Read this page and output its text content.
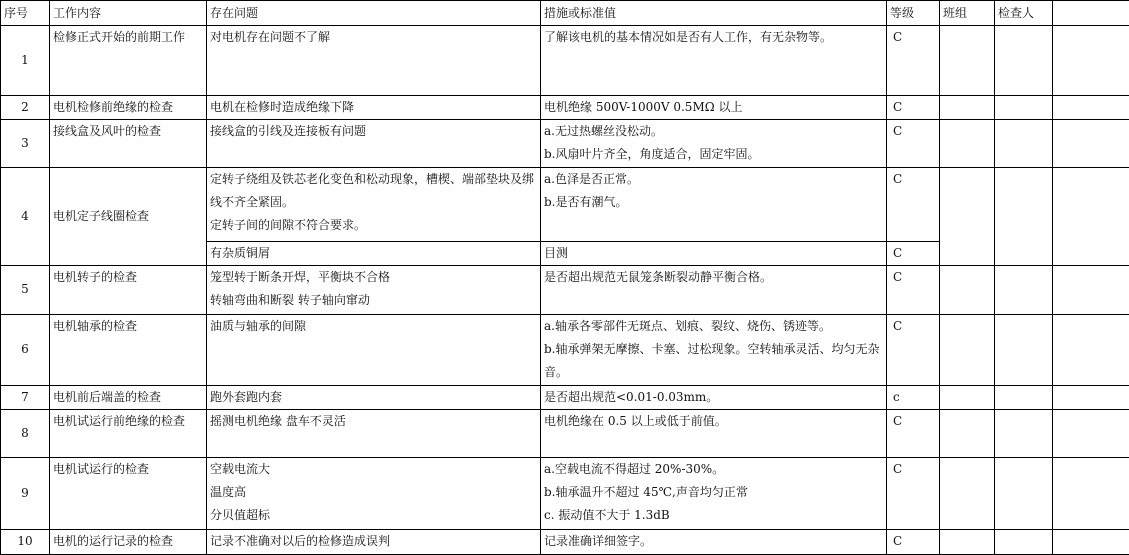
序号	工作内容	存在问题	措施或标准值	等级	班组	检查人	
1	检修正式开始的前期工作	对电机存在问题不了解	了解该电机的基本情况如是否有人工作，有无杂物等。	C			
2	电机检修前绝缘的检查	电机在检修时造成绝缘下降	电机绝缘 500V-1000V 0.5MΩ 以上	C			
3	接线盒及风叶的检查	接线盒的引线及连接板有问题	a.无过热螺丝没松动。
b.风扇叶片齐全，角度适合，固定牢固。	C			
4	电机定子线圈检查	定转子绕组及铁芯老化变色和松动现象，槽楔、端部垫块及绑线不齐全紧固。
定转子间的间隙不符合要求。	a.色泽是否正常。
b.是否有潮气。	C			

		有杂质铜屑	目测	C			
5	电机转子的检查	笼型转于断条开焊，平衡块不合格
转轴弯曲和断裂 转子轴向窜动	是否超出规范无鼠笼条断裂动静平衡合格。	C			
6	电机轴承的检查	油质与轴承的间隙	a.轴承各零部件无斑点、划痕、裂纹、烧伤、锈迹等。
b.轴承弹架无摩擦、卡塞、过松现象。空转轴承灵活、均匀无杂音。	C			
7	电机前后端盖的检查	跑外套跑内套	是否超出规范<0.01-0.03mm。	c			
8	电机试运行前绝缘的检查	摇测电机绝缘 盘车不灵活	电机绝缘在 0.5 以上或低于前值。	C			
9	电机试运行的检查	空载电流大
温度高
分贝值超标	a.空载电流不得超过 20%-30%。
b.轴承温升不超过 45℃,声音均匀正常
c. 振动值不大于 1.3dB	C			
10	电机的运行记录的检查	记录不准确对以后的检修造成误判	记录准确详细签字。	C			
